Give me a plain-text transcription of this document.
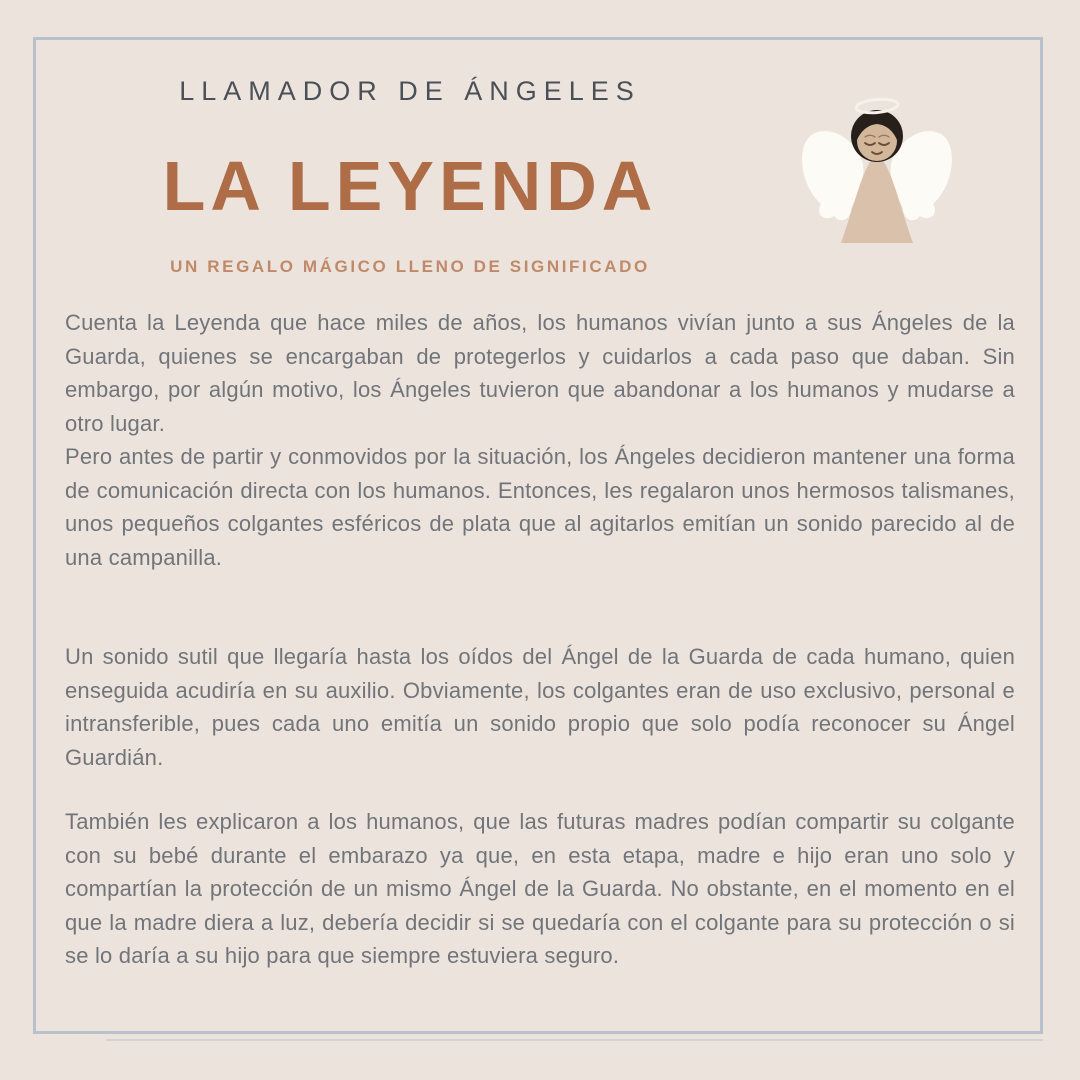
LLAMADOR DE ÁNGELES
LA LEYENDA
UN REGALO MÁGICO LLENO DE SIGNIFICADO

Cuenta la Leyenda que hace miles de años, los humanos vivían junto a sus Ángeles de la Guarda, quienes se encargaban de protegerlos y cuidarlos a cada paso que daban. Sin embargo, por algún motivo, los Ángeles tuvieron que abandonar a los humanos y mudarse a otro lugar.

Pero antes de partir y conmovidos por la situación, los Ángeles decidieron mantener una forma de comunicación directa con los humanos. Entonces, les regalaron unos hermosos talismanes, unos pequeños colgantes esféricos de plata que al agitarlos emitían un sonido parecido al de una campanilla.

Un sonido sutil que llegaría hasta los oídos del Ángel de la Guarda de cada humano, quien enseguida acudiría en su auxilio. Obviamente, los colgantes eran de uso exclusivo, personal e intransferible, pues cada uno emitía un sonido propio que solo podía reconocer su Ángel Guardián.

También les explicaron a los humanos, que las futuras madres podían compartir su colgante con su bebé durante el embarazo ya que, en esta etapa, madre e hijo eran uno solo y compartían la protección de un mismo Ángel de la Guarda. No obstante, en el momento en el que la madre diera a luz, debería decidir si se quedaría con el colgante para su protección o si se lo daría a su hijo para que siempre estuviera seguro.
